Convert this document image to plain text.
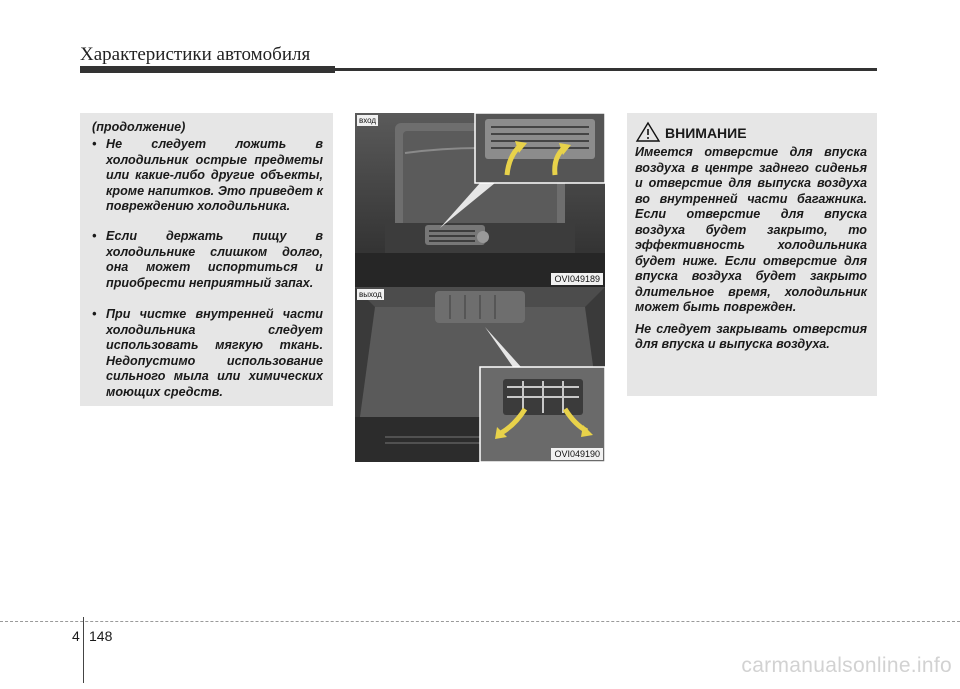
Характеристики автомобиля
(продолжение)
• Не следует ложить в холодильник острые предметы или какие-либо другие объекты, кроме напитков. Это приведет к повреждению холодильника.
• Если держать пищу в холодильнике слишком долго, она может испортиться и приобрести неприятный запах.
• При чистке внутренней части холодильника следует использовать мягкую ткань. Недопустимо использование сильного мыла или химических моющих средств.
вход
OVI049189
выход
OVI049190
ВНИМАНИЕ

Имеется отверстие для впуска воздуха в центре заднего сиденья и отверстие для выпуска воздуха во внутренней части багажника. Если отверстие для впуска воздуха будет закрыто, то эффективность холодильника будет ниже. Если отверстие для впуска воздуха будет закрыто длительное время, холодильник может быть поврежден.

Не следует закрывать отверстия для впуска и выпуска воздуха.

4 148
carmanualsonline.info
